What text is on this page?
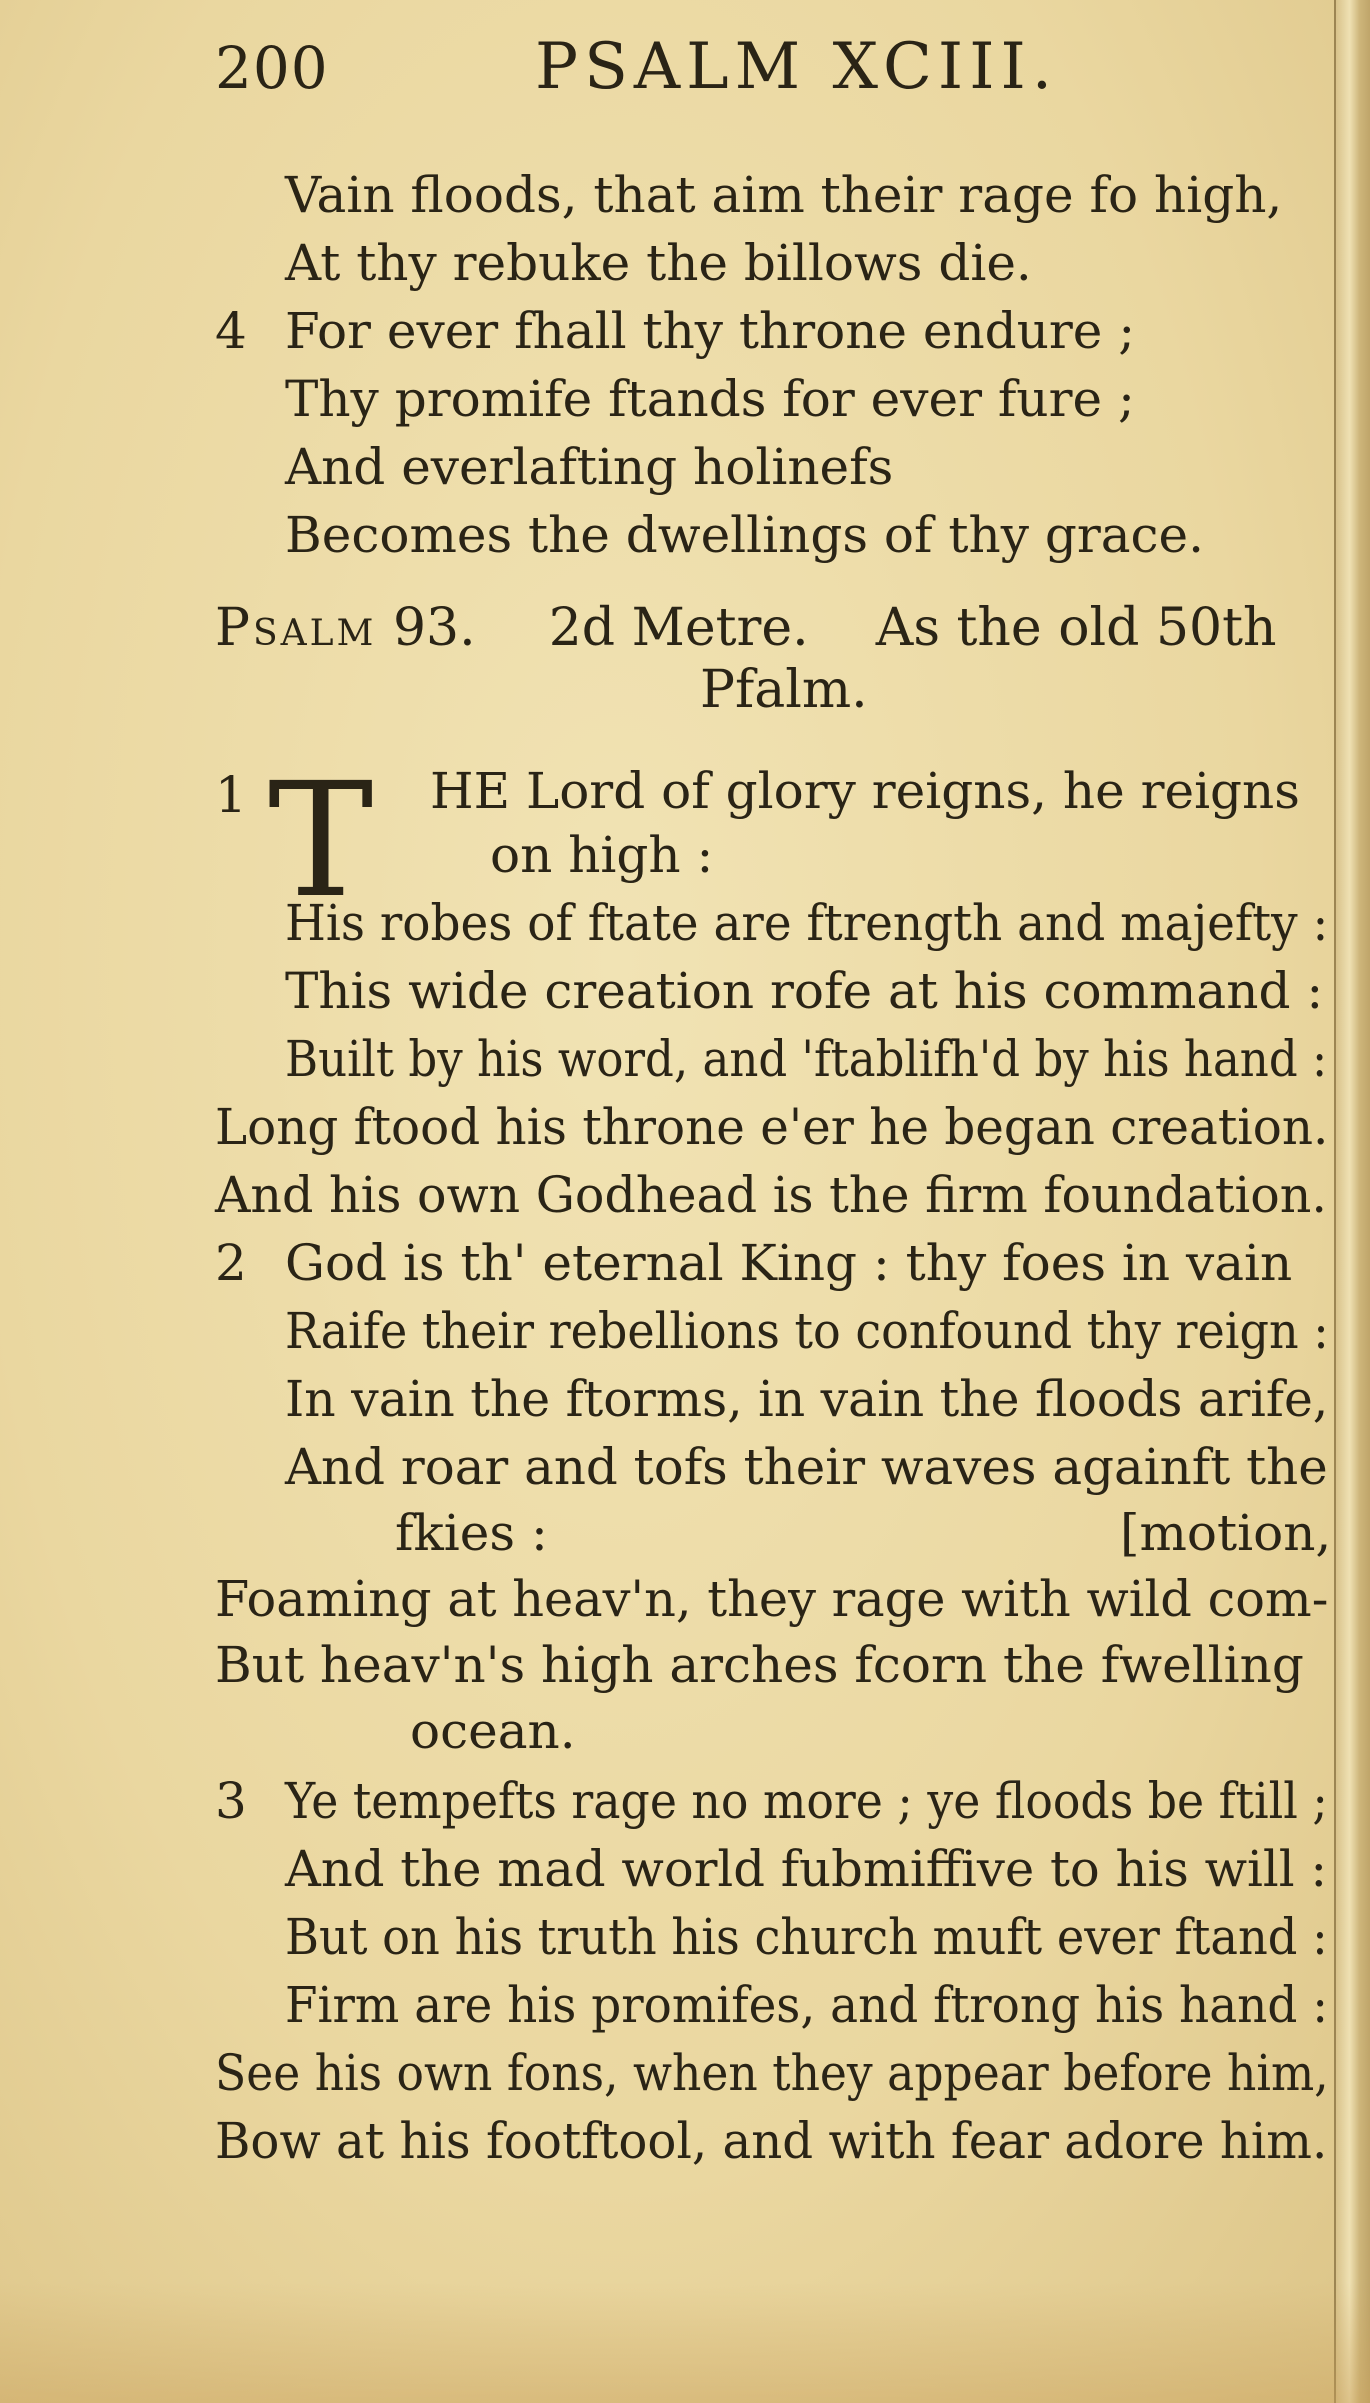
200	PSALM XCIII.
Vain floods, that aim their rage fo high,
At thy rebuke the billows die.
4 For ever fhall thy throne endure ;
Thy promife ftands for ever fure ;
And everlafting holinefs
Becomes the dwellings of thy grace.
Psalm 93. 2d Metre. As the old 50th
Pfalm.
1 T HE Lord of glory reigns, he reigns
on high :
His robes of ftate are ftrength and majefty :
This wide creation rofe at his command :
Built by his word, and 'ftablifh'd by his hand :
Long ftood his throne e'er he began creation.
And his own Godhead is the firm foundation.
2 God is th' eternal King : thy foes in vain
Raife their rebellions to confound thy reign :
In vain the ftorms, in vain the floods arife,
And roar and tofs their waves againft the
fkies :	[motion,
Foaming at heav'n, they rage with wild com-
But heav'n's high arches fcorn the fwelling
ocean.
3 Ye tempefts rage no more ; ye floods be ftill ;
And the mad world fubmiffive to his will :
But on his truth his church muft ever ftand :
Firm are his promifes, and ftrong his hand :
See his own fons, when they appear before him,
Bow at his footftool, and with fear adore him.
